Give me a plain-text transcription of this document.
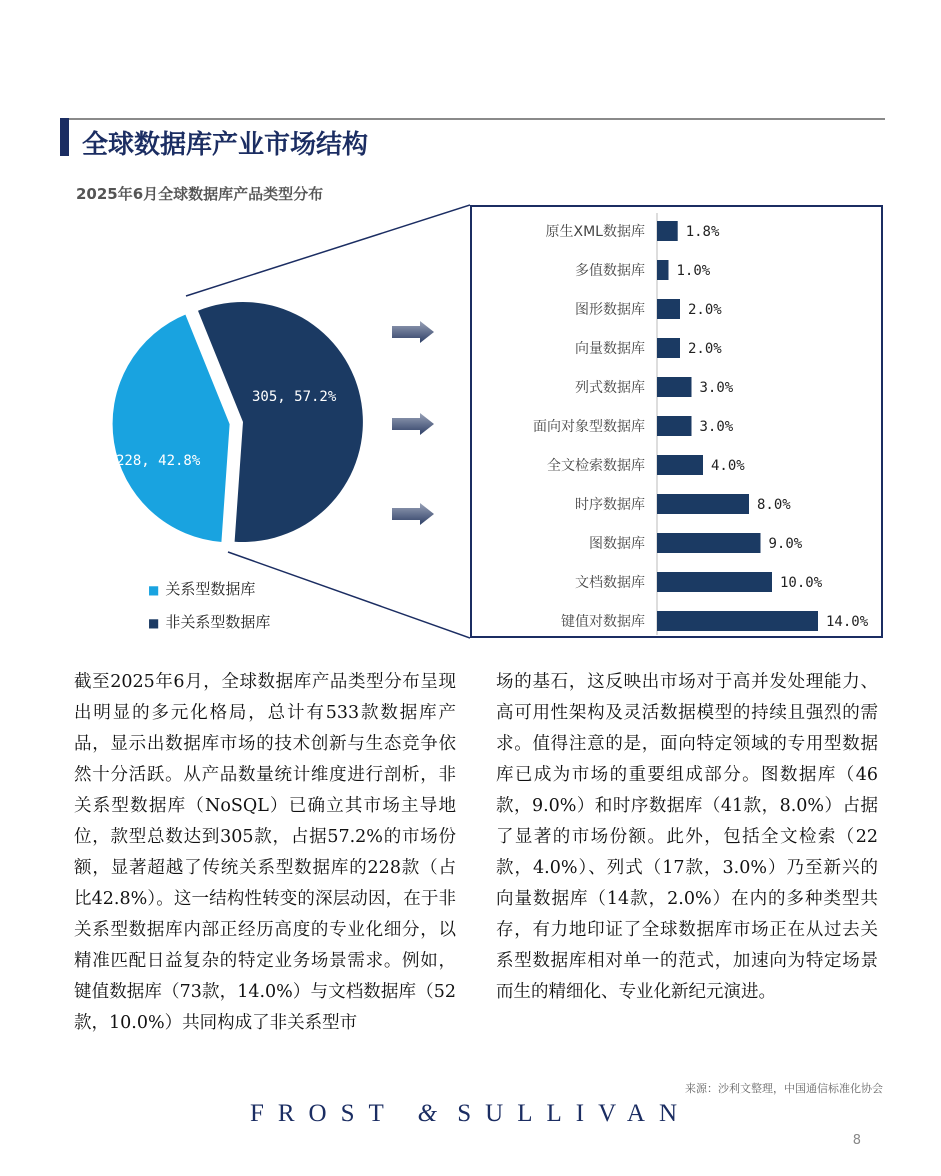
全球数据库产业市场结构
2025年6月全球数据库产品类型分布
228, 42.8%
305, 57.2%
■ 关系型数据库
■ 非关系型数据库
原生XML数据库	1.8%
多值数据库 1.0%
图形数据库	2.0%
向量数据库	2.0%
列式数据库	3.0%
面向对象型数据库	3.0%
全文检索数据库	4.0%
时序数据库	8.0%
图数据库	9.0%
文档数据库	10.0%
键值对数据库	14.0%
截至2025年6月，全球数据库产品类型分布呈现出明显的多元化格局，总计有533款数据库产品，显示出数据库市场的技术创新与生态竞争依然十分活跃。从产品数量统计维度进行剖析，非关系型数据库（NoSQL）已确立其市场主导地位，款型总数达到305款，占据57.2%的市场份额，显著超越了传统关系型数据库的228款（占比42.8%）。这一结构性转变的深层动因，在于非关系型数据库内部正经历高度的专业化细分，以精准匹配日益复杂的特定业务场景需求。例如，键值数据库（73款，14.0%）与文档数据库（52款，10.0%）共同构成了非关系型市
场的基石，这反映出市场对于高并发处理能力、高可用性架构及灵活数据模型的持续且强烈的需求。值得注意的是，面向特定领域的专用型数据库已成为市场的重要组成部分。图数据库（46款，9.0%）和时序数据库（41款，8.0%）占据了显著的市场份额。此外，包括全文检索（22款，4.0%）、列式（17款，3.0%）乃至新兴的向量数据库（14款，2.0%）在内的多种类型共存，有力地印证了全球数据库市场正在从过去关系型数据库相对单一的范式，加速向为特定场景而生的精细化、专业化新纪元演进。
来源：沙利文整理，中国通信标准化协会
FROST & SULLIVAN
8
